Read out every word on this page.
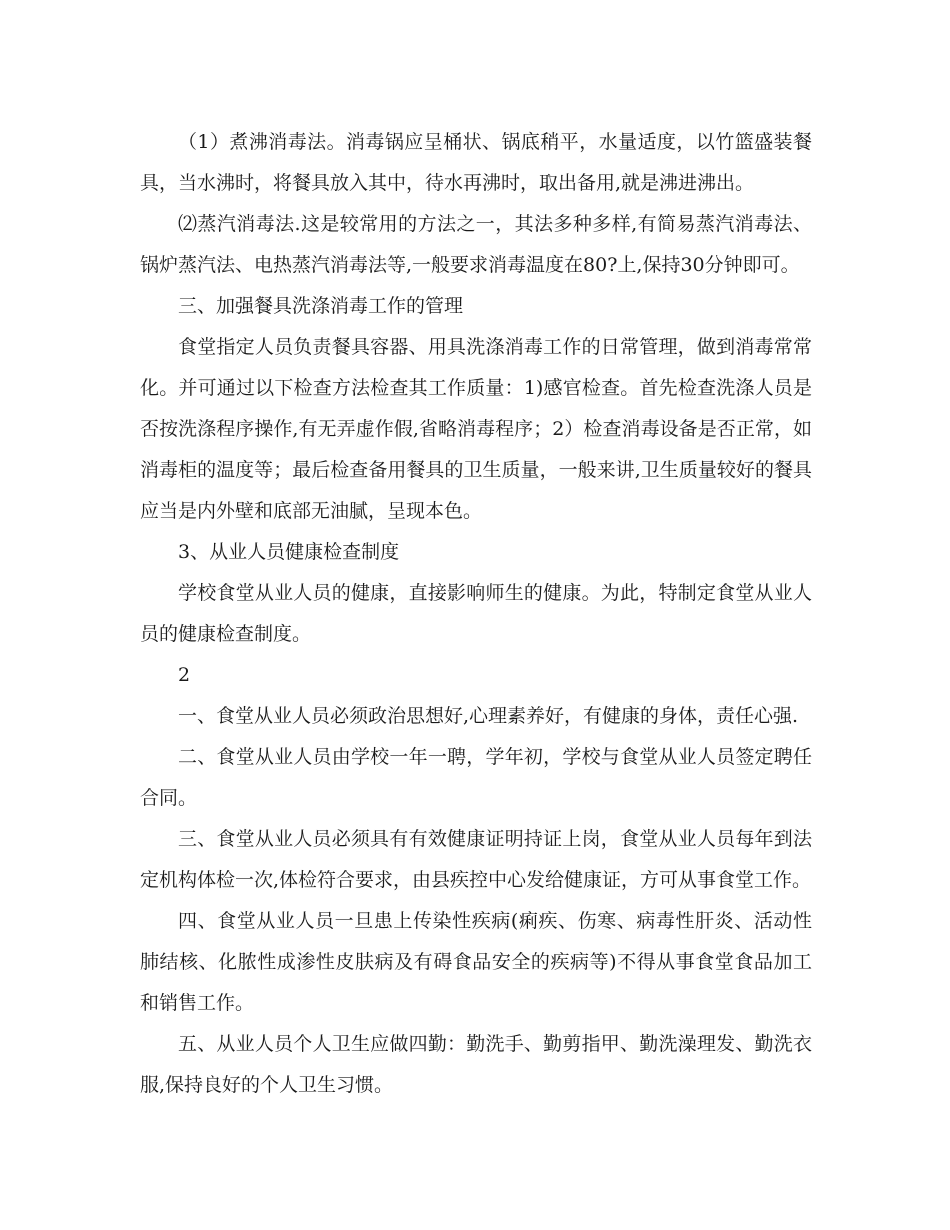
（1）煮沸消毒法。消毒锅应呈桶状、锅底稍平，水量适度，以竹篮盛装餐具，当水沸时，将餐具放入其中，待水再沸时，取出备用,就是沸进沸出。

⑵蒸汽消毒法.这是较常用的方法之一，其法多种多样,有简易蒸汽消毒法、锅炉蒸汽法、电热蒸汽消毒法等,一般要求消毒温度在80?上,保持30分钟即可。

三、加强餐具洗涤消毒工作的管理

食堂指定人员负责餐具容器、用具洗涤消毒工作的日常管理，做到消毒常常化。并可通过以下检查方法检查其工作质量：1)感官检查。首先检查洗涤人员是否按洗涤程序操作,有无弄虚作假,省略消毒程序；2）检查消毒设备是否正常，如消毒柜的温度等；最后检查备用餐具的卫生质量，一般来讲,卫生质量较好的餐具应当是内外壁和底部无油腻，呈现本色。

3、从业人员健康检查制度

学校食堂从业人员的健康，直接影响师生的健康。为此，特制定食堂从业人员的健康检查制度。

2

一、食堂从业人员必须政治思想好,心理素养好，有健康的身体，责任心强.

二、食堂从业人员由学校一年一聘，学年初，学校与食堂从业人员签定聘任合同。

三、食堂从业人员必须具有有效健康证明持证上岗，食堂从业人员每年到法定机构体检一次,体检符合要求，由县疾控中心发给健康证，方可从事食堂工作。

四、食堂从业人员一旦患上传染性疾病(痢疾、伤寒、病毒性肝炎、活动性肺结核、化脓性成渗性皮肤病及有碍食品安全的疾病等)不得从事食堂食品加工和销售工作。

五、从业人员个人卫生应做四勤：勤洗手、勤剪指甲、勤洗澡理发、勤洗衣服,保持良好的个人卫生习惯。
